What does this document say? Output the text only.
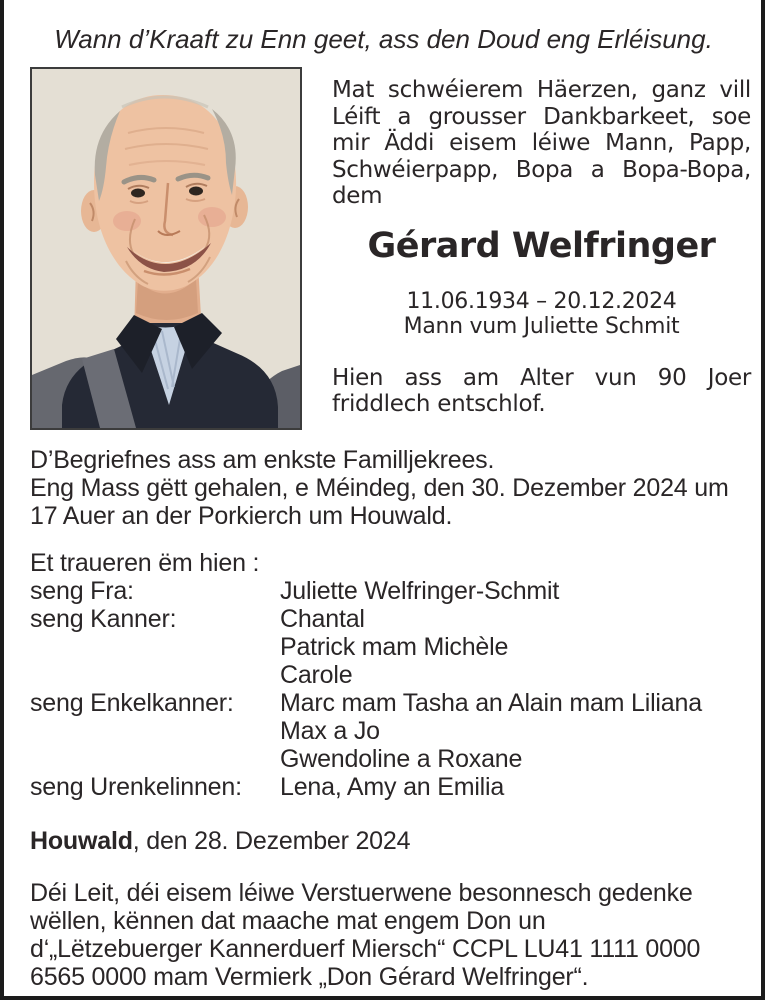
Wann d’Kraaft zu Enn geet, ass den Doud eng Erléisung.
Mat schwéierem Häerzen, ganz vill
Léift a grousser Dankbarkeet, soe
mir Äddi eisem léiwe Mann, Papp,
Schwéierpapp, Bopa a Bopa-Bopa,
dem
Gérard Welfringer
11.06.1934 – 20.12.2024
Mann vum Juliette Schmit
Hien ass am Alter vun 90 Joer
friddlech entschlof.
D’Begriefnes ass am enkste Familljekrees.
Eng Mass gëtt gehalen, e Méindeg, den 30. Dezember 2024 um
17 Auer an der Porkierch um Houwald.
Et traueren ëm hien :
seng Fra:	Juliette Welfringer-Schmit
seng Kanner:	Chantal
Patrick mam Michèle
Carole
seng Enkelkanner:	Marc mam Tasha an Alain mam Liliana
Max a Jo
Gwendoline a Roxane
seng Urenkelinnen:	Lena, Amy an Emilia
Houwald, den 28. Dezember 2024
Déi Leit, déi eisem léiwe Verstuerwene besonnesch gedenke
wëllen, kënnen dat maache mat engem Don un
d‘„Lëtzebuerger Kannerduerf Miersch“ CCPL LU41 1111 0000
6565 0000 mam Vermierk „Don Gérard Welfringer“.
